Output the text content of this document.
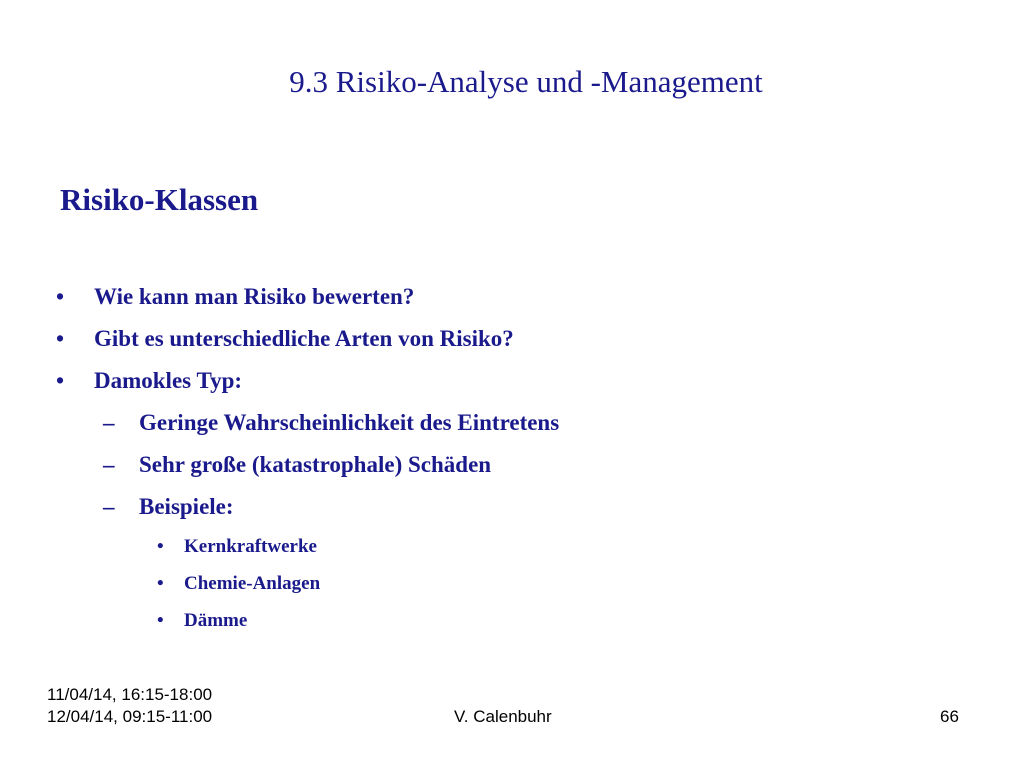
9.3 Risiko-Analyse und -Management
Risiko-Klassen
• Wie kann man Risiko bewerten?
• Gibt es unterschiedliche Arten von Risiko?
• Damokles Typ:
– Geringe Wahrscheinlichkeit des Eintretens
– Sehr große (katastrophale) Schäden
– Beispiele:
• Kernkraftwerke
• Chemie-Anlagen
• Dämme
11/04/14, 16:15-18:00
12/04/14, 09:15-11:00	V. Calenbuhr	66
